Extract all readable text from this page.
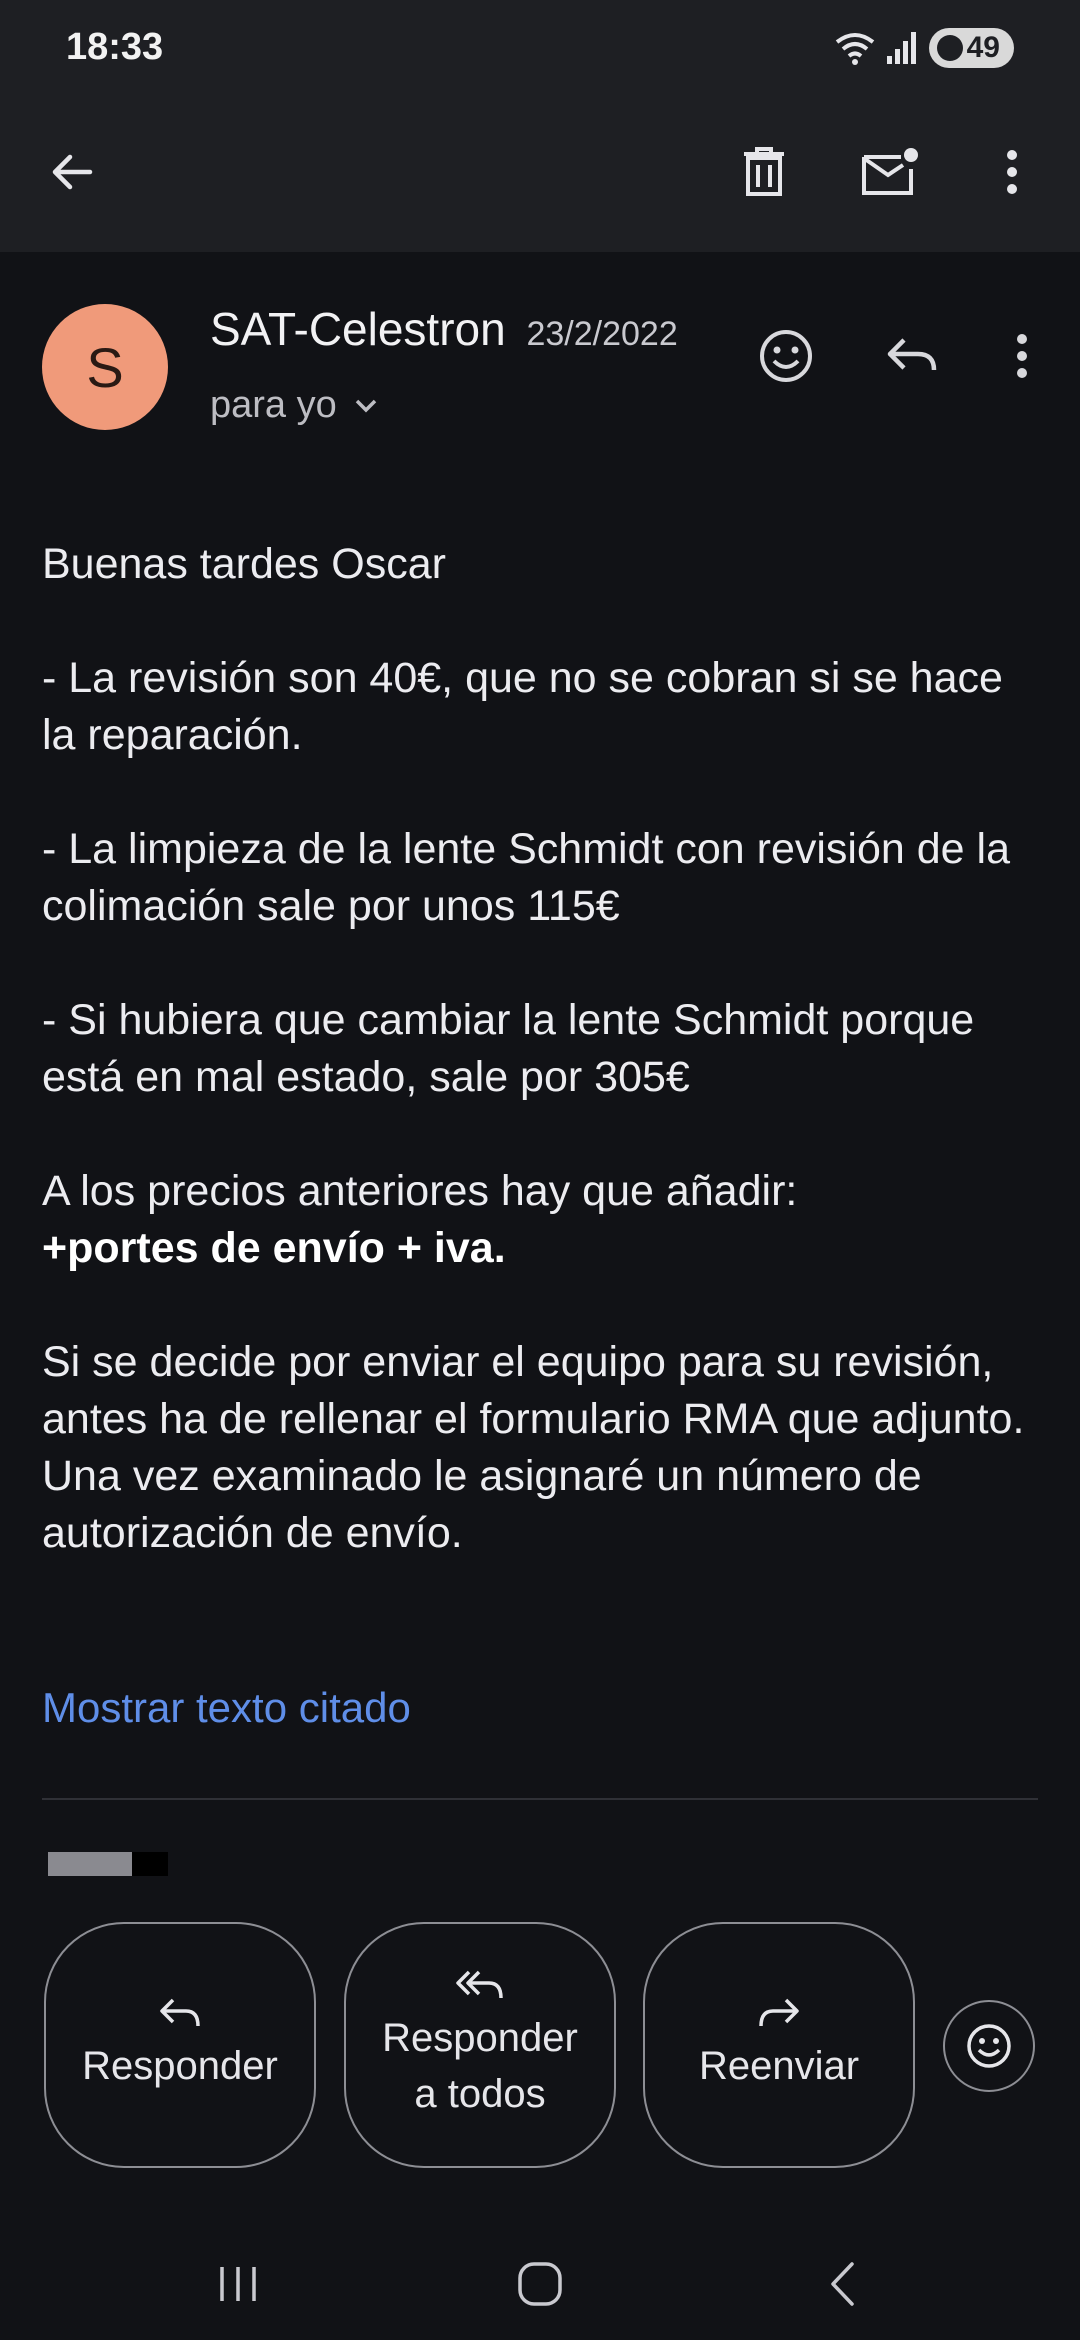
18:33	49
S
SAT-Celestron 23/2/2022
para yo

Buenas tardes Oscar

- La revisión son 40€, que no se cobran si se hace la reparación.

- La limpieza de la lente Schmidt con revisión de la colimación sale por unos 115€

- Si hubiera que cambiar la lente Schmidt porque está en mal estado, sale por 305€

A los precios anteriores hay que añadir:

+portes de envío + iva.

Si se decide por enviar el equipo para su revisión, antes ha de rellenar el formulario RMA que adjunto.

Una vez examinado le asignaré un número de autorización de envío.

Mostrar texto citado
Responder
Responder
a todos
Reenviar
